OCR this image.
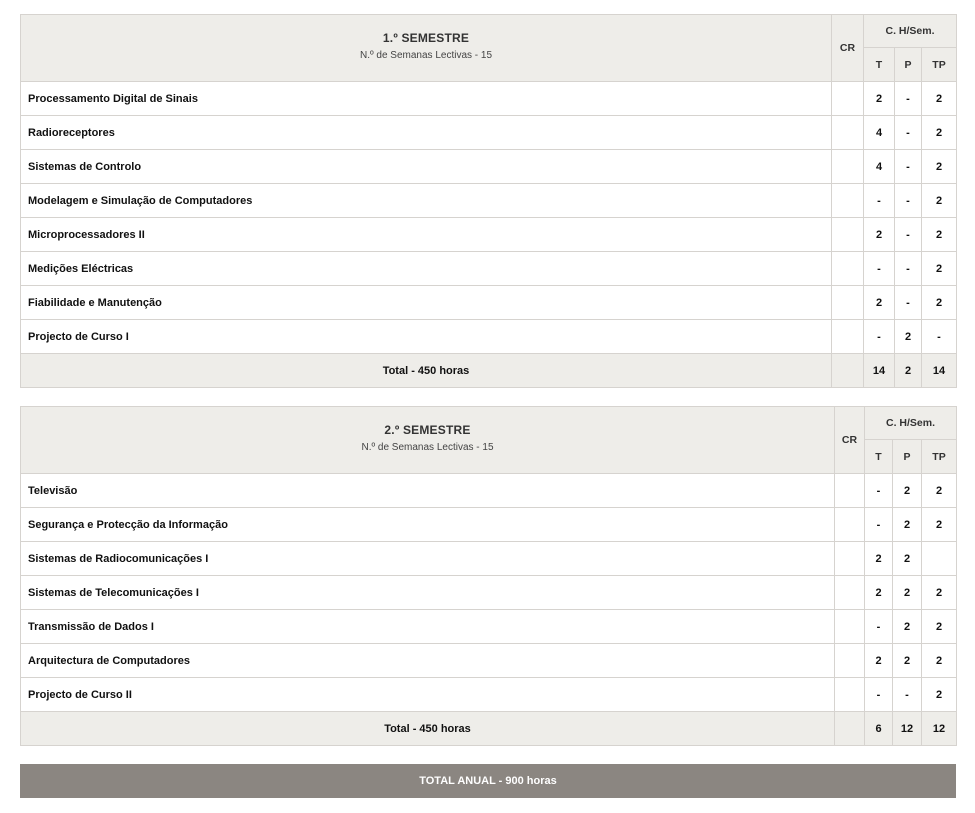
1.º SEMESTRE
N.º de Semanas Lectivas - 15	CR	C. H/Sem.		
		T	P	TP
Processamento Digital de Sinais		2	-	2
Radioreceptores		4	-	2
Sistemas de Controlo		4	-	2
Modelagem e Simulação de Computadores		-	-	2
Microprocessadores II		2	-	2
Medições Eléctricas		-	-	2
Fiabilidade e Manutenção		2	-	2
Projecto de Curso I		-	2	-
Total - 450 horas		14	2	14
2.º SEMESTRE
N.º de Semanas Lectivas - 15	CR	C. H/Sem.		
		T	P	TP
Televisão		-	2	2
Segurança e Protecção da Informação		-	2	2
Sistemas de Radiocomunicações I		2	2	
Sistemas de Telecomunicações I		2	2	2
Transmissão de Dados I		-	2	2
Arquitectura de Computadores		2	2	2
Projecto de Curso II		-	-	2
Total - 450 horas		6	12	12
TOTAL ANUAL - 900 horas
